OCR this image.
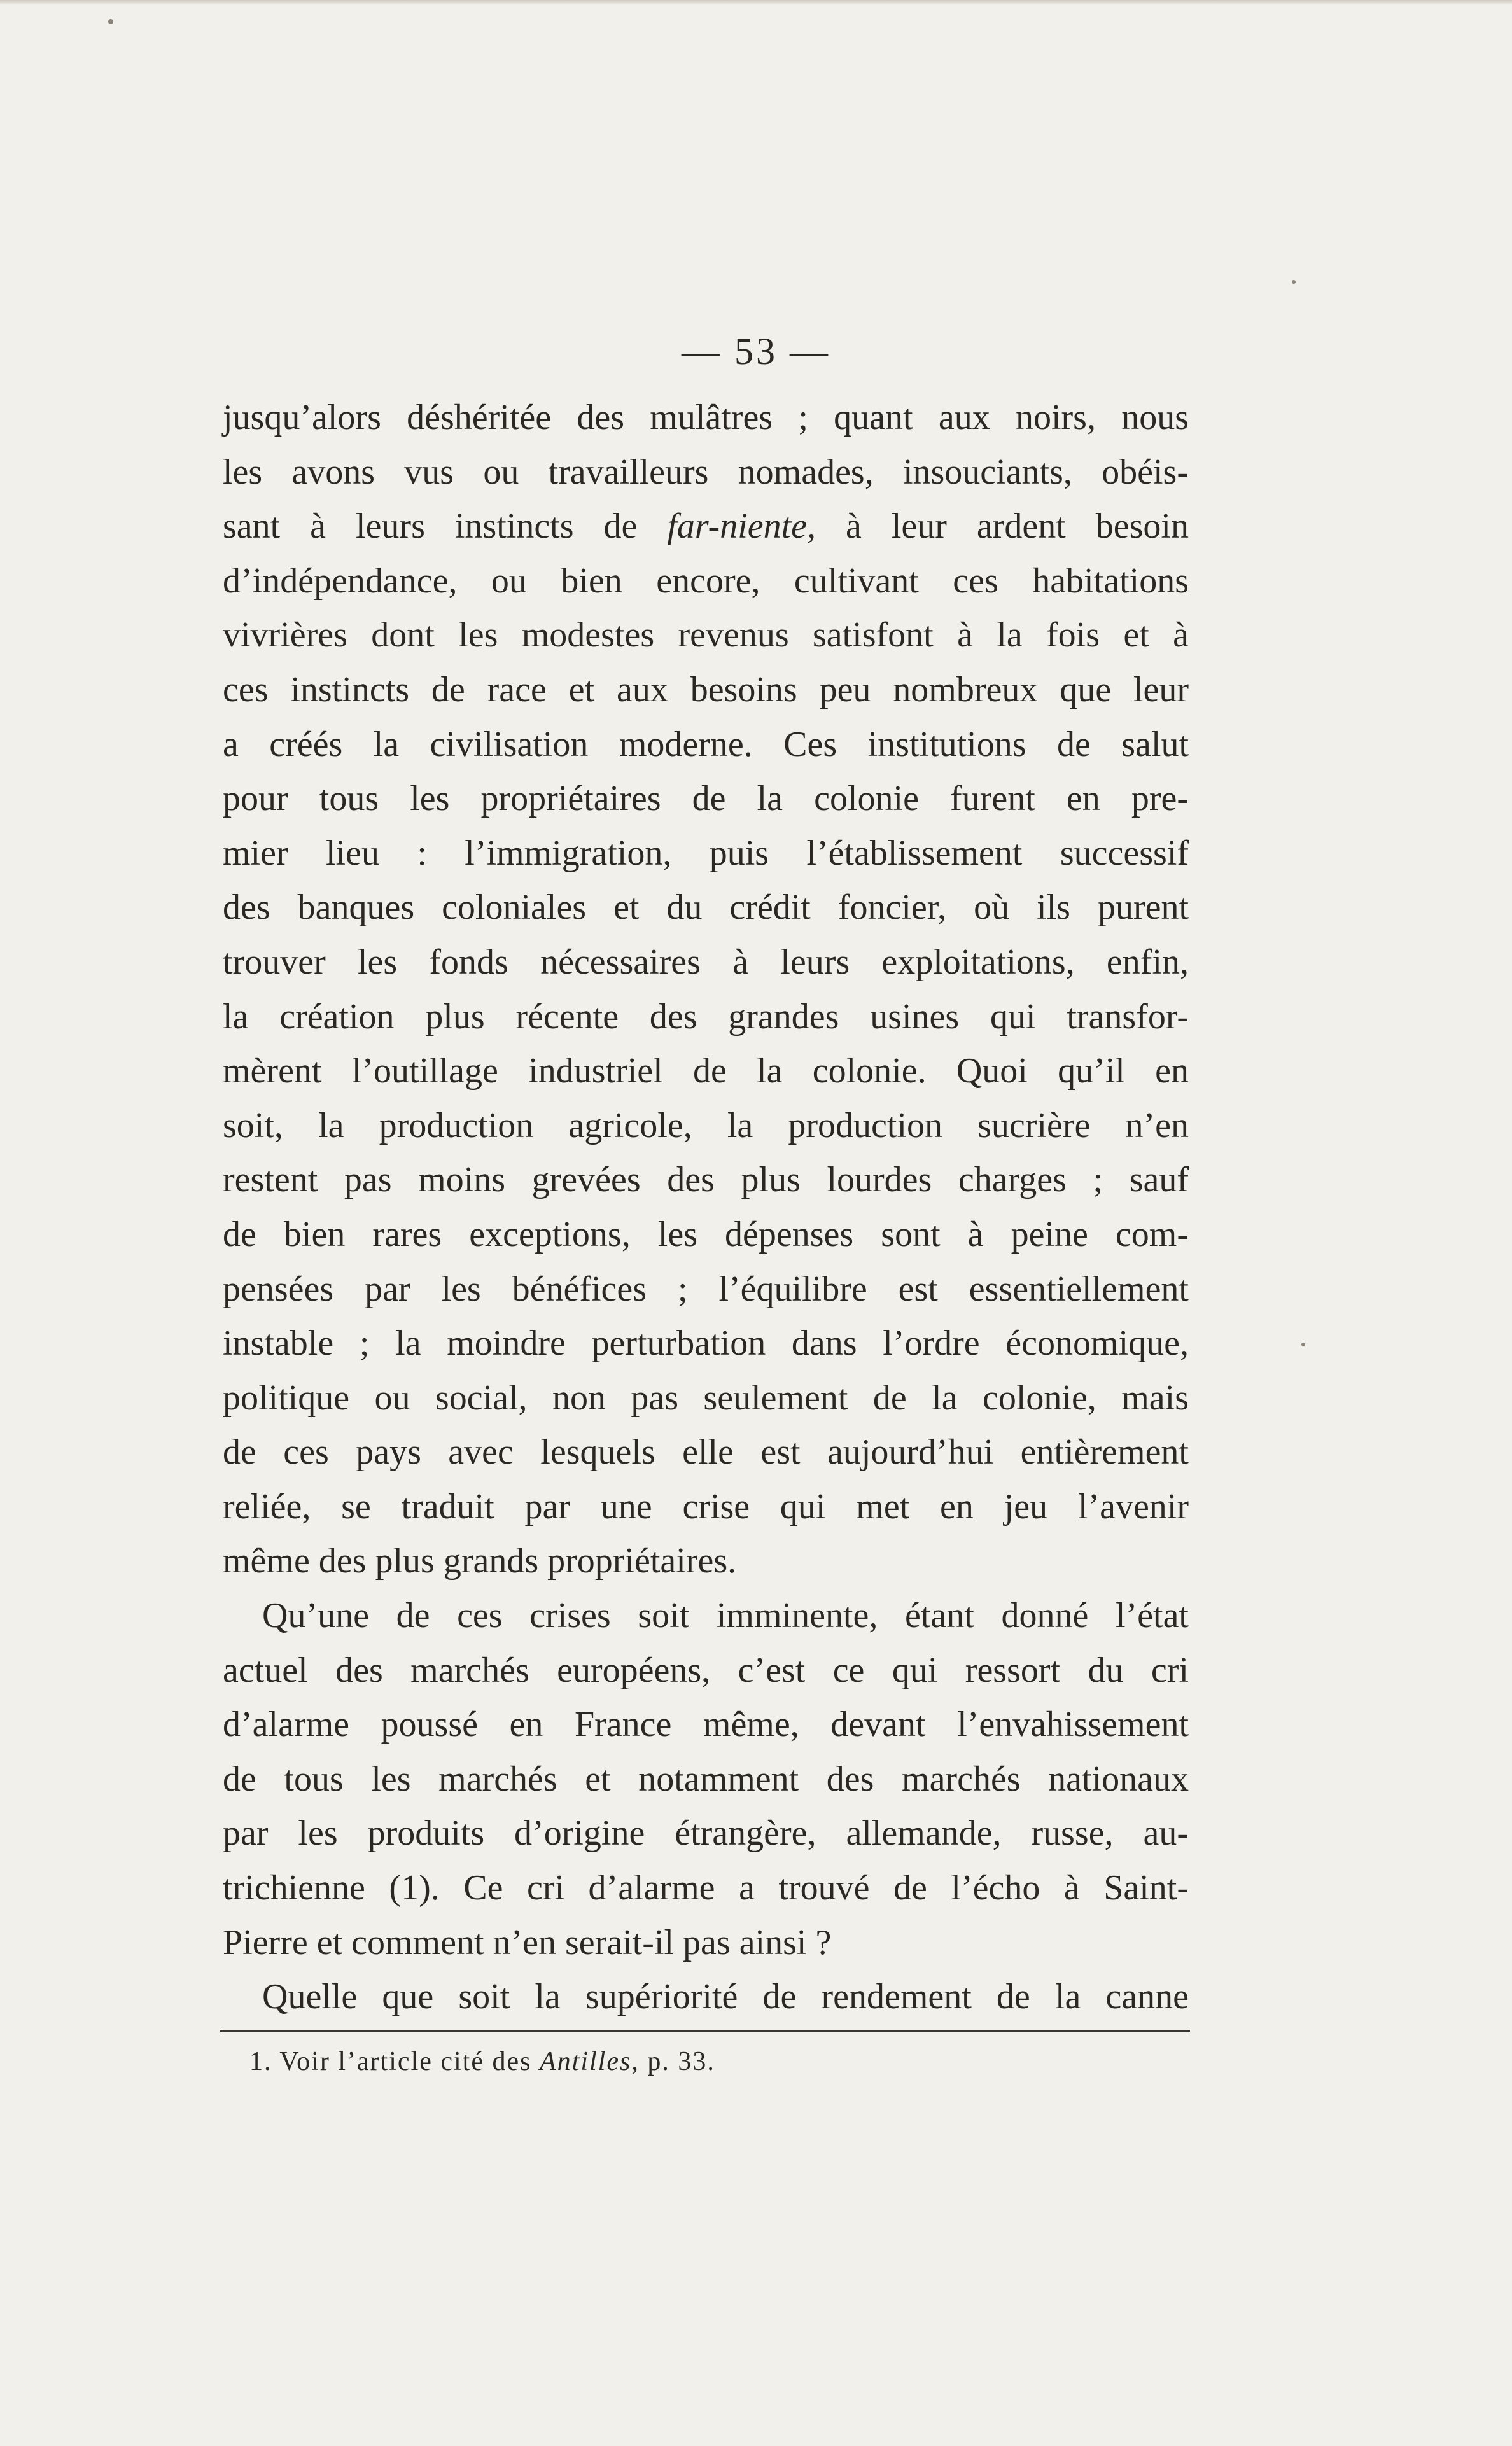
— 53 —
jusqu’alors déshéritée des mulâtres ; quant aux noirs, nous
les avons vus ou travailleurs nomades, insouciants, obéis-
sant à leurs instincts de far-niente, à leur ardent besoin
d’indépendance, ou bien encore, cultivant ces habitations
vivrières dont les modestes revenus satisfont à la fois et à
ces instincts de race et aux besoins peu nombreux que leur
a créés la civilisation moderne. Ces institutions de salut
pour tous les propriétaires de la colonie furent en pre-
mier lieu : l’immigration, puis l’établissement successif
des banques coloniales et du crédit foncier, où ils purent
trouver les fonds nécessaires à leurs exploitations, enfin,
la création plus récente des grandes usines qui transfor-
mèrent l’outillage industriel de la colonie. Quoi qu’il en
soit, la production agricole, la production sucrière n’en
restent pas moins grevées des plus lourdes charges ; sauf
de bien rares exceptions, les dépenses sont à peine com-
pensées par les bénéfices ; l’équilibre est essentiellement
instable ; la moindre perturbation dans l’ordre économique,
politique ou social, non pas seulement de la colonie, mais
de ces pays avec lesquels elle est aujourd’hui entièrement
reliée, se traduit par une crise qui met en jeu l’avenir
même des plus grands propriétaires.
Qu’une de ces crises soit imminente, étant donné l’état
actuel des marchés européens, c’est ce qui ressort du cri
d’alarme poussé en France même, devant l’envahissement
de tous les marchés et notamment des marchés nationaux
par les produits d’origine étrangère, allemande, russe, au-
trichienne (1). Ce cri d’alarme a trouvé de l’écho à Saint-
Pierre et comment n’en serait-il pas ainsi ?
Quelle que soit la supériorité de rendement de la canne
1. Voir l’article cité des Antilles, p. 33.
